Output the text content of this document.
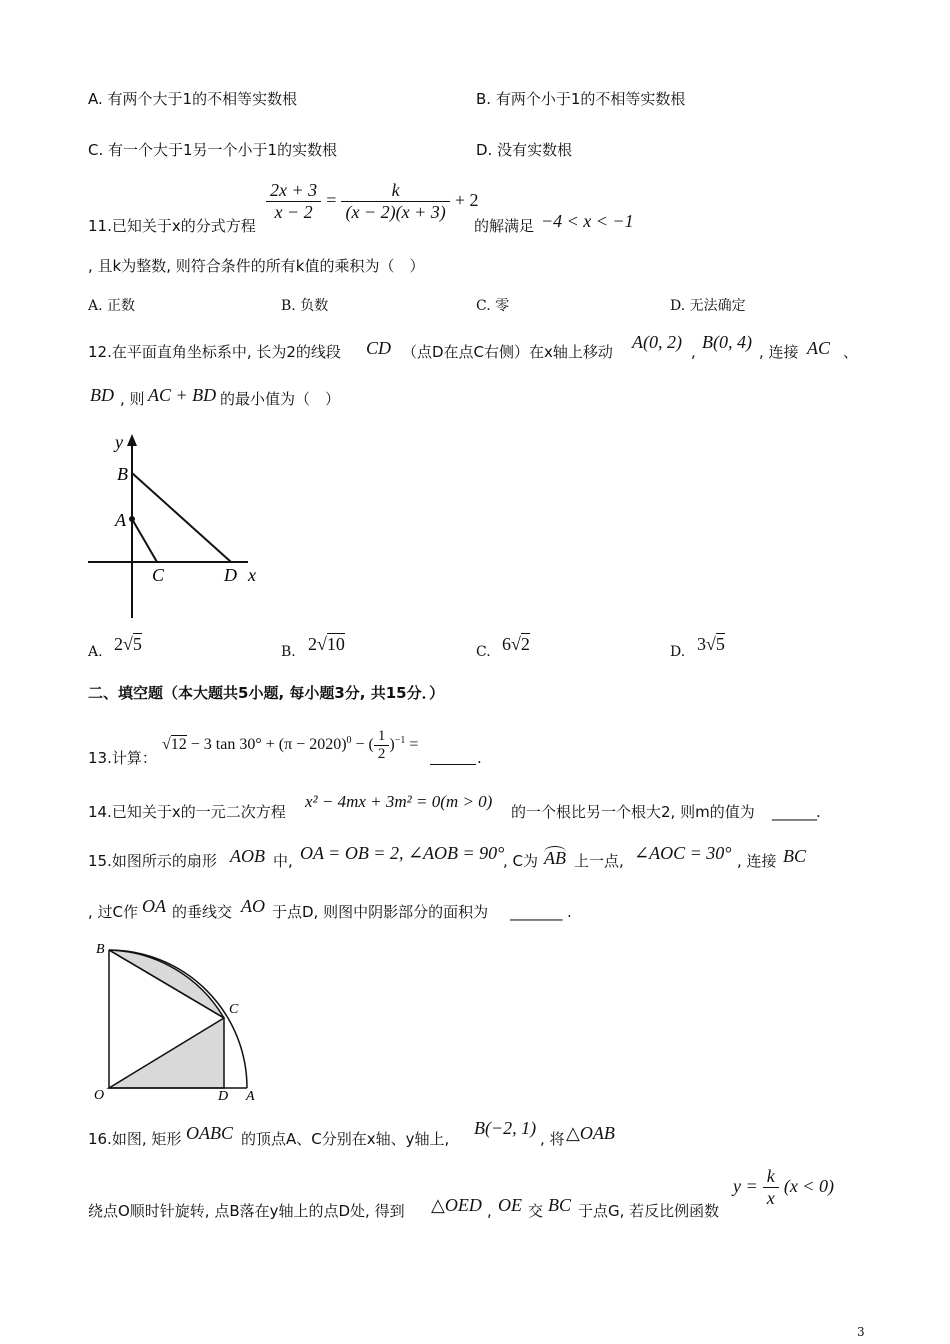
A. 有两个大于1的不相等实数根	B. 有两个小于1的不相等实数根
C. 有一个大于1另一个小于1的实数根	D. 没有实数根
11.已知关于x的分式方程
$\frac{2x + 3}{x - 2} = \frac{k}{(x - 2)(x + 3)} + 2$
的解满足 −4 < x < −1
, 且k为整数, 则符合条件的所有k值的乘积为（　）
A. 正数	B. 负数	C. 零	D. 无法确定
12.在平面直角坐标系中, 长为2的线段 CD （点D在点C右侧）在x轴上移动 A(0, 2) , B(0, 4) , 连接 AC 、
BD , 则 AC + BD 的最小值为（　）
y
B
A
C	D x
A. 2√5	B. 2√10	C. 6√2	D. 3√5
二、填空题（本大题共5小题, 每小题3分, 共15分．）
13.计算：
√12 − 3 $\tan 30^\circ + (\pi - 2020)^0$ − ( $\frac{1}{2} )^{-1}$ =
.
14.已知关于x的一元二次方程
x² − 4mx + 3m² = 0(m > 0)
的一个根比另一个根大2, 则m的值为 ______ .
15.如图所示的扇形 AOB 中, OA = OB = 2, ∠AOB = 90°
, C为 AB 上一点, ∠AOC = 30° , 连接 BC
, 过C作 OA 的垂线交 AO 于点D, 则图中阴影部分的面积为 _______ .
B
C
O	D A
16.如图, 矩形 OABC 的顶点A、C分别在x轴、y轴上,
B(−2, 1)
, 将 △OAB
绕点O顺时针旋转, 点B落在y轴上的点D处, 得到 △OED , OE 交 BC 于点G, 若反比例函数
$y = \frac{k}{x} (x < 0)$
3
